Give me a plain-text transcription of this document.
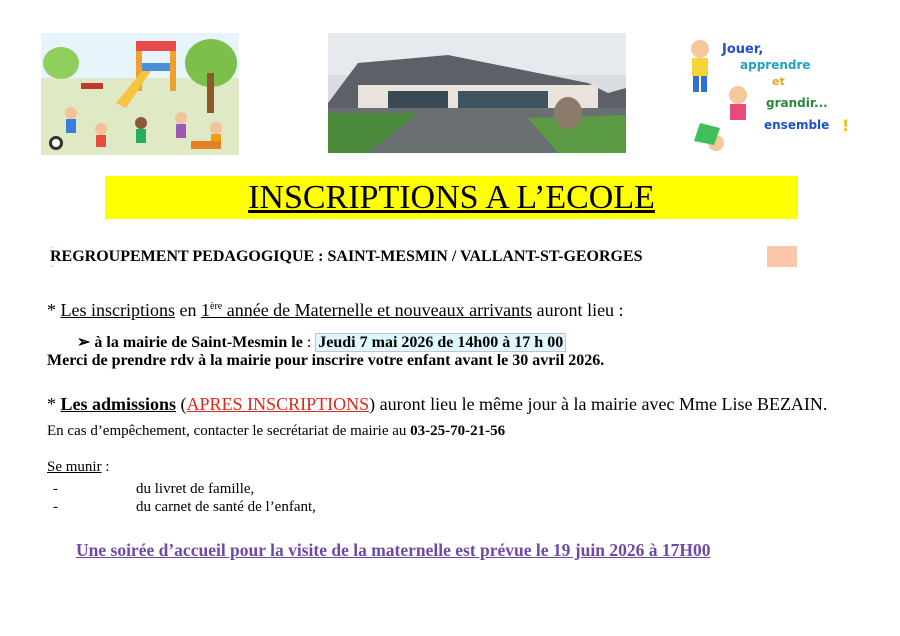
Jouer,
apprendre
et
grandir...
ensemble !
INSCRIPTIONS A L’ECOLE
REGROUPEMENT PEDAGOGIQUE : SAINT-MESMIN / VALLANT-ST-GEORGES
* Les inscriptions en 1ère année de Maternelle et nouveaux arrivants auront lieu :
➢ à la mairie de Saint-Mesmin le : Jeudi 7 mai 2026 de 14h00 à 17 h 00
Merci de prendre rdv à la mairie pour inscrire votre enfant avant le 30 avril 2026.
* Les admissions (APRES INSCRIPTIONS) auront lieu le même jour à la mairie avec Mme Lise BEZAIN.
En cas d’empêchement, contacter le secrétariat de mairie au 03-25-70-21-56
Se munir :
-	du livret de famille,
-	du carnet de santé de l’enfant,
Une soirée d’accueil pour la visite de la maternelle est prévue le 19 juin 2026 à 17H00
